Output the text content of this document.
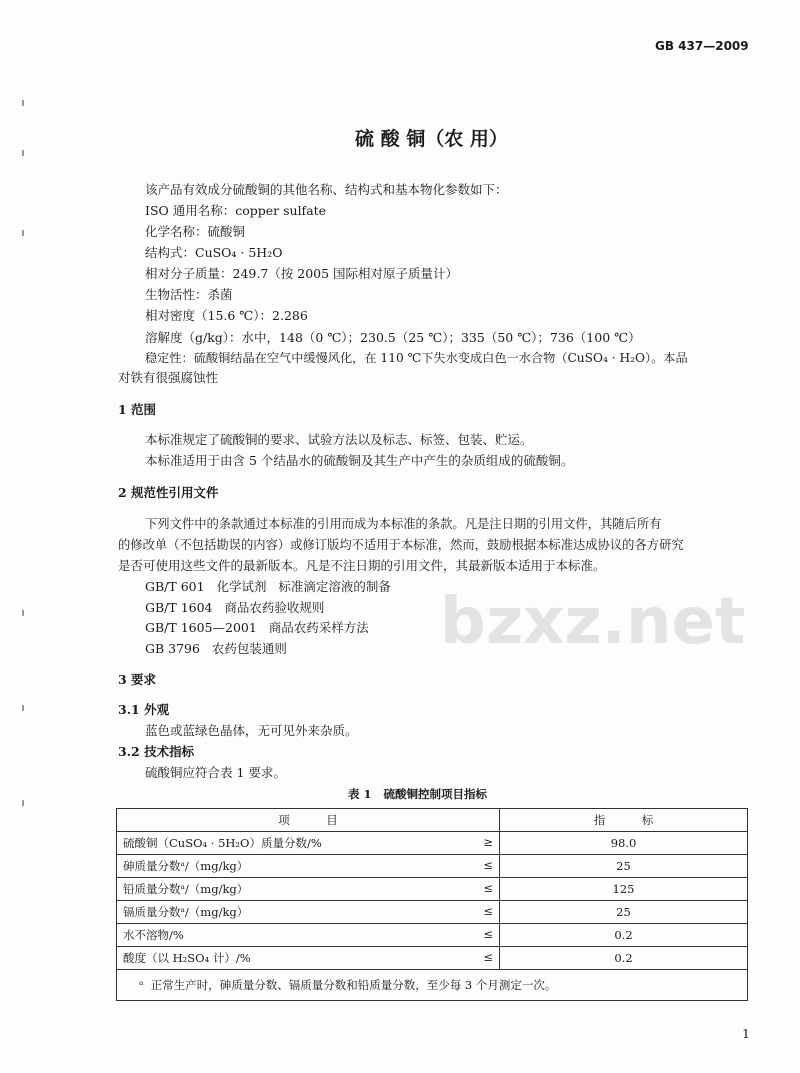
bzxz.net
GB 437—2009
硫 酸 铜（农 用）
该产品有效成分硫酸铜的其他名称、结构式和基本物化参数如下：
ISO 通用名称：copper sulfate
化学名称：硫酸铜
结构式：CuSO₄ · 5H₂O
相对分子质量：249.7（按 2005 国际相对原子质量计）
生物活性：杀菌
相对密度（15.6 ℃）：2.286
溶解度（g/kg）：水中，148（0 ℃）；230.5（25 ℃）；335（50 ℃）；736（100 ℃）
稳定性：硫酸铜结晶在空气中缓慢风化，在 110 ℃下失水变成白色一水合物（CuSO₄ · H₂O）。本品
对铁有很强腐蚀性
1 范围
本标准规定了硫酸铜的要求、试验方法以及标志、标签、包装、贮运。
本标准适用于由含 5 个结晶水的硫酸铜及其生产中产生的杂质组成的硫酸铜。
2 规范性引用文件
下列文件中的条款通过本标准的引用而成为本标准的条款。凡是注日期的引用文件，其随后所有
的修改单（不包括勘误的内容）或修订版均不适用于本标准，然而，鼓励根据本标准达成协议的各方研究
是否可使用这些文件的最新版本。凡是不注日期的引用文件，其最新版本适用于本标准。
GB/T 601   化学试剂   标准滴定溶液的制备
GB/T 1604   商品农药验收规则
GB/T 1605—2001   商品农药采样方法
GB 3796   农药包装通则
3 要求
3.1 外观
蓝色或蓝绿色晶体，无可见外来杂质。
3.2 技术指标
硫酸铜应符合表 1 要求。
表 1   硫酸铜控制项目指标
项          目	指          标
硫酸铜（CuSO₄ · 5H₂O）质量分数/% ≥	98.0
砷质量分数ᵃ/（mg/kg） ≤	25
铅质量分数ᵃ/（mg/kg） ≤	125
镉质量分数ᵃ/（mg/kg） ≤	25
水不溶物/% ≤	0.2
酸度（以 H₂SO₄ 计）/% ≤	0.2
ᵃ  正常生产时，砷质量分数、镉质量分数和铅质量分数，至少每 3 个月测定一次。	
1
